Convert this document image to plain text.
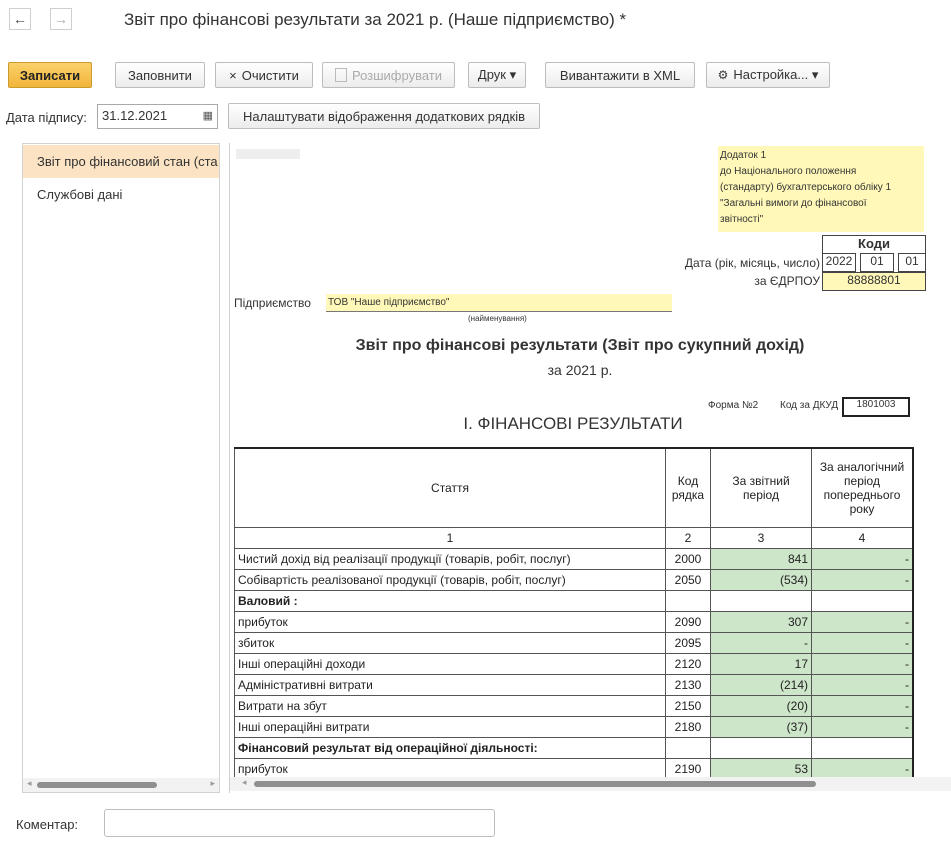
← →	Звіт про фінансові результати за 2021 р. (Наше підприємство) *
Записати	Заповнити	× Очистити	Розшифрувати	Друк ▾	Вивантажити в XML	⚙ Настройка... ▾
Дата підпису:	31.12.2021	▦	Налаштувати відображення додаткових рядків
Звіт про фінансовий стан (ста
Службові дані
◂	▸
Додаток 1
до Національного положення
(стандарту) бухгалтерського обліку 1
"Загальні вимоги до фінансової
звітності"
Коди
Дата (рік, місяць, число) 2022	01	01
за ЄДРПОУ	88888801
Підприємство ТОВ "Наше підприємство"
(найменування)
Звіт про фінансові результати (Звіт про сукупний дохід)
за 2021 р.
Форма №2 Код за ДКУД	1801003
I. ФІНАНСОВІ РЕЗУЛЬТАТИ
Стаття	Код рядка	За звітний період	За аналогічний період попереднього року
1	2	3	4
Чистий дохід від реалізації продукції (товарів, робіт, послуг)	2000	841	-
Собівартість реалізованої продукції (товарів, робіт, послуг)	2050	(534)	-
Валовий :			
прибуток	2090	307	-
збиток	2095	-	-
Інші операційні доходи	2120	17	-
Адміністративні витрати	2130	(214)	-
Витрати на збут	2150	(20)	-
Інші операційні витрати	2180	(37)	-
Фінансовий результат від операційної діяльності:			
прибуток	2190	53	-
◂
Коментар:
